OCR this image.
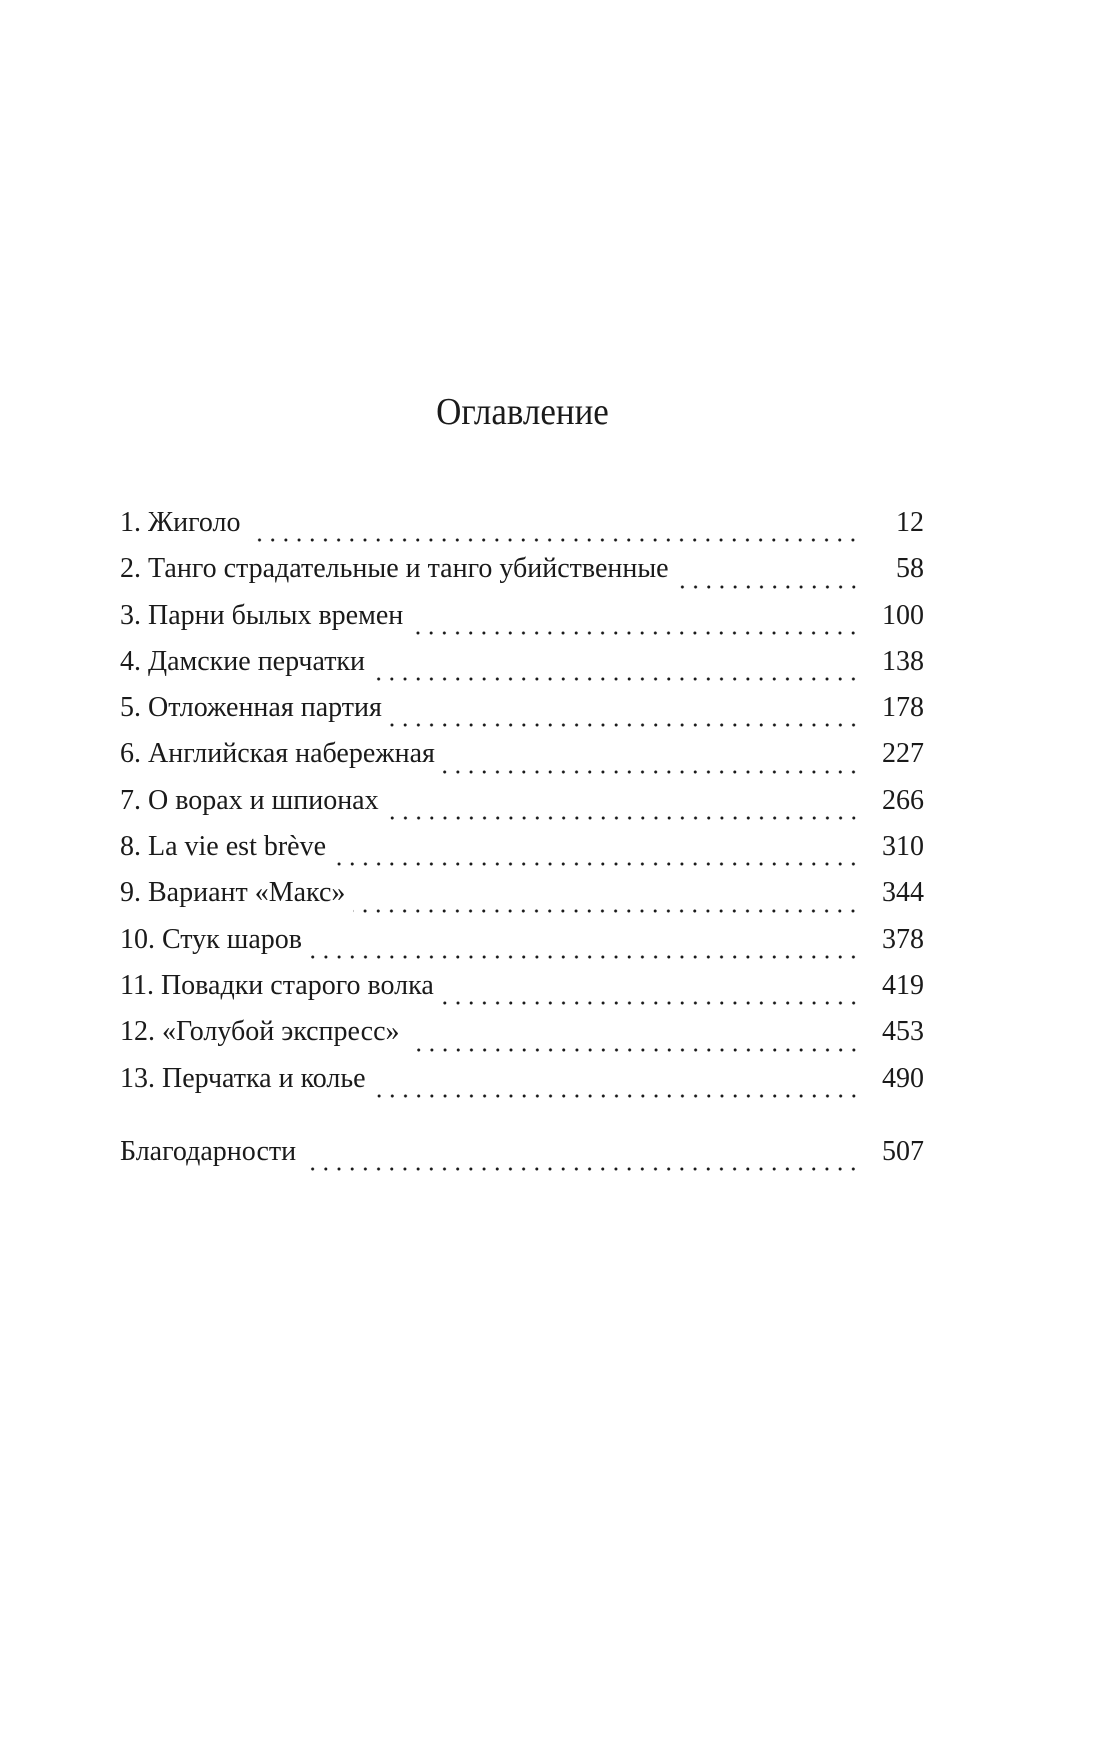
Оглавление
1. Жиголо	12
2. Танго страдательные и танго убийственные	58
3. Парни былых времен	100
4. Дамские перчатки	138
5. Отложенная партия	178
6. Английская набережная	227
7. О ворах и шпионах	266
8. La vie est brève	310
9. Вариант «Макс»	344
10. Стук шаров	378
11. Повадки старого волка	419
12. «Голубой экспресс»	453
13. Перчатка и колье	490
Благодарности	507
